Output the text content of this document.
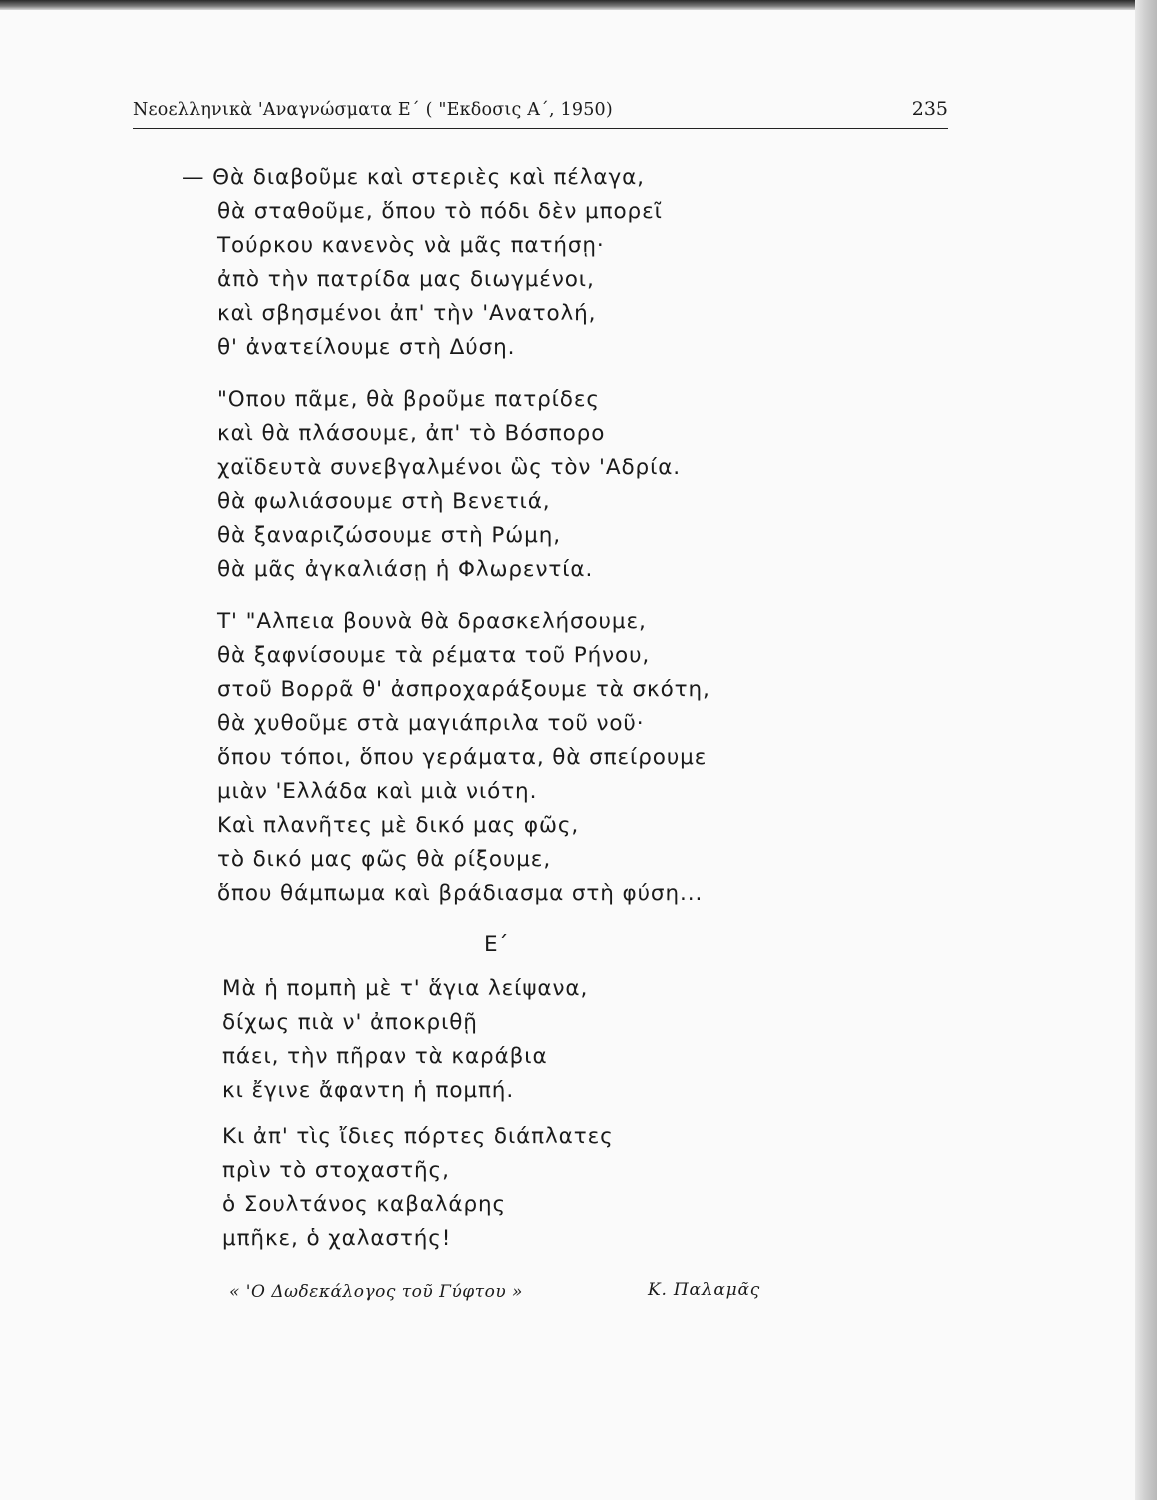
Νεοελληνικὰ 'Αναγνώσματα Ε΄ ( "Εκδοσις Α΄, 1950)	235
— Θὰ διαβοῦμε καὶ στεριὲς καὶ πέλαγα,
θὰ σταθοῦμε, ὅπου τὸ πόδι δὲν μπορεῖ
Τούρκου κανενὸς νὰ μᾶς πατήσῃ·
ἀπὸ τὴν πατρίδα μας διωγμένοι,
καὶ σβησμένοι ἀπ' τὴν 'Ανατολή,
θ' ἀνατείλουμε στὴ Δύση.
"Οπου πᾶμε, θὰ βροῦμε πατρίδες
καὶ θὰ πλάσουμε, ἀπ' τὸ Βόσπορο
χαϊδευτὰ συνεβγαλμένοι ὣς τὸν 'Αδρία.
θὰ φωλιάσουμε στὴ Βενετιά,
θὰ ξαναριζώσουμε στὴ Ρώμη,
θὰ μᾶς ἀγκαλιάσῃ ἡ Φλωρεντία.
Τ' "Αλπεια βουνὰ θὰ δρασκελήσουμε,
θὰ ξαφνίσουμε τὰ ρέματα τοῦ Ρήνου,
στοῦ Βορρᾶ θ' ἀσπροχαράξουμε τὰ σκότη,
θὰ χυθοῦμε στὰ μαγιάπριλα τοῦ νοῦ·
ὅπου τόποι, ὅπου γεράματα, θὰ σπείρουμε
μιὰν 'Ελλάδα καὶ μιὰ νιότη.
Καὶ πλανῆτες μὲ δικό μας φῶς,
τὸ δικό μας φῶς θὰ ρίξουμε,
ὅπου θάμπωμα καὶ βράδιασμα στὴ φύση...
Ε΄
Μὰ ἡ πομπὴ μὲ τ' ἅγια λείψανα,
δίχως πιὰ ν' ἀποκριθῇ
πάει, τὴν πῆραν τὰ καράβια
κι ἔγινε ἄφαντη ἡ πομπή.
Κι ἀπ' τὶς ἴδιες πόρτες διάπλατες
πρὶν τὸ στοχαστῆς,
ὁ Σουλτάνος καβαλάρης
μπῆκε, ὁ χαλαστής!
« 'Ο Δωδεκάλογος τοῦ Γύφτου »	Κ. Παλαμᾶς
